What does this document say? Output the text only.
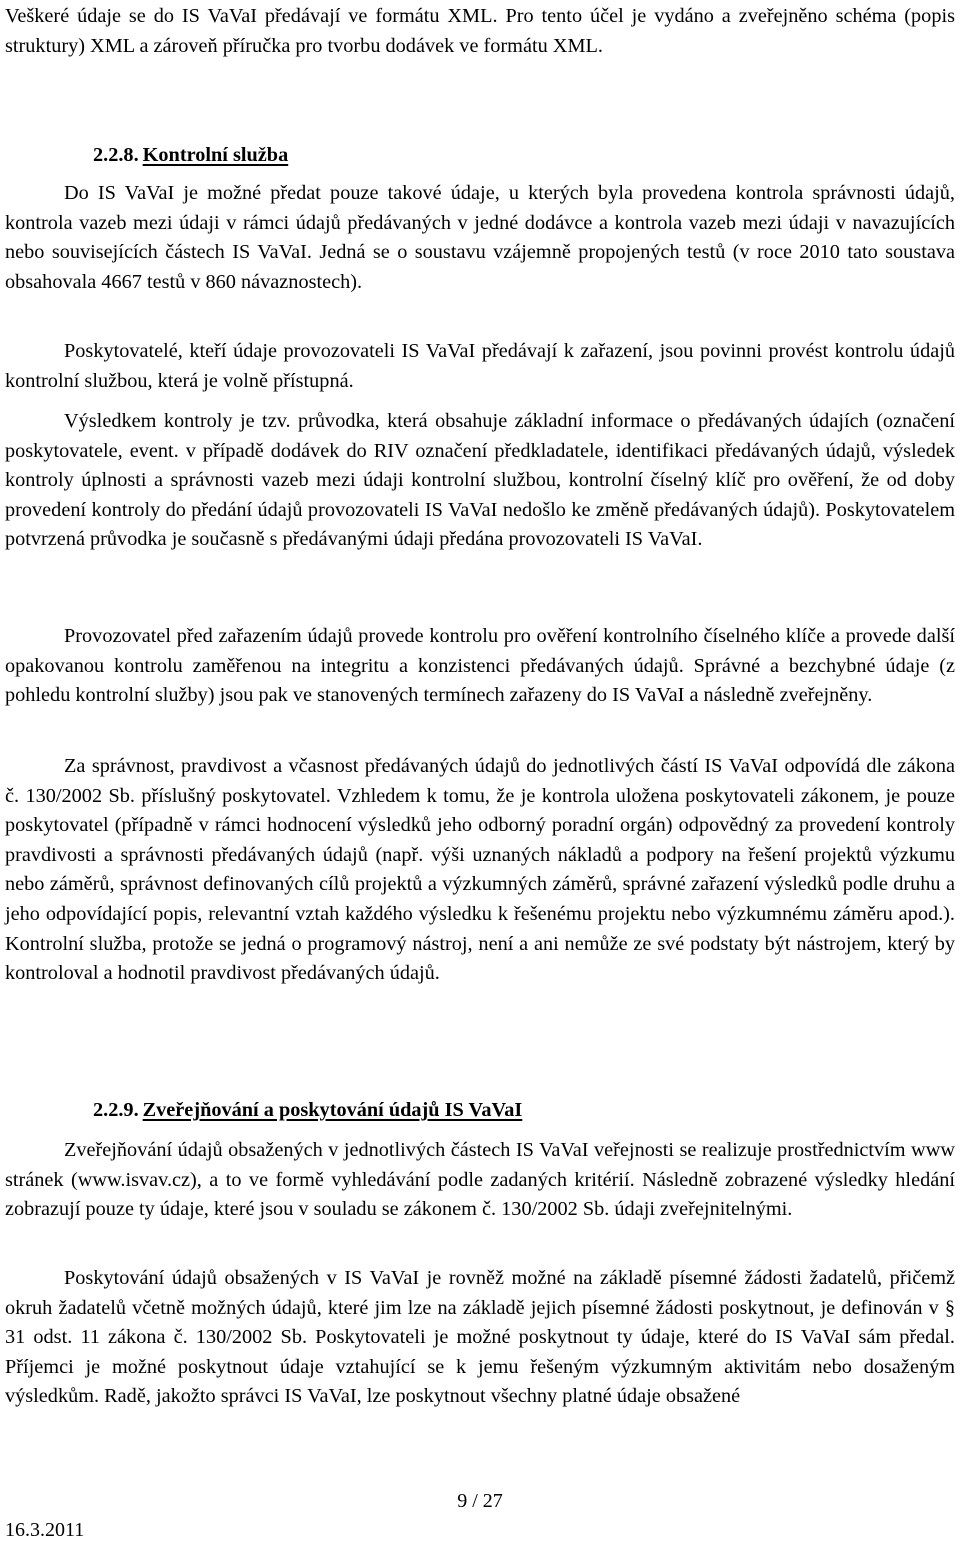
Veškeré údaje se do IS VaVaI předávají ve formátu XML. Pro tento účel je vydáno a zveřejněno schéma (popis struktury) XML a zároveň příručka pro tvorbu dodávek ve formátu XML.

2.2.8. Kontrolní služba

Do IS VaVaI je možné předat pouze takové údaje, u kterých byla provedena kontrola správnosti údajů, kontrola vazeb mezi údaji v rámci údajů předávaných v jedné dodávce a kontrola vazeb mezi údaji v navazujících nebo souvisejících částech IS VaVaI. Jedná se o soustavu vzájemně propojených testů (v roce 2010 tato soustava obsahovala 4667 testů v 860 návaznostech).

Poskytovatelé, kteří údaje provozovateli IS VaVaI předávají k zařazení, jsou povinni provést kontrolu údajů kontrolní službou, která je volně přístupná.

Výsledkem kontroly je tzv. průvodka, která obsahuje základní informace o předávaných údajích (označení poskytovatele, event. v případě dodávek do RIV označení předkladatele, identifikaci předávaných údajů, výsledek kontroly úplnosti a správnosti vazeb mezi údaji kontrolní službou, kontrolní číselný klíč pro ověření, že od doby provedení kontroly do předání údajů provozovateli IS VaVaI nedošlo ke změně předávaných údajů). Poskytovatelem potvrzená průvodka je současně s předávanými údaji předána provozovateli IS VaVaI.

Provozovatel před zařazením údajů provede kontrolu pro ověření kontrolního číselného klíče a provede další opakovanou kontrolu zaměřenou na integritu a konzistenci předávaných údajů. Správné a bezchybné údaje (z pohledu kontrolní služby) jsou pak ve stanovených termínech zařazeny do IS VaVaI a následně zveřejněny.

Za správnost, pravdivost a včasnost předávaných údajů do jednotlivých částí IS VaVaI odpovídá dle zákona č. 130/2002 Sb. příslušný poskytovatel. Vzhledem k tomu, že je kontrola uložena poskytovateli zákonem, je pouze poskytovatel (případně v rámci hodnocení výsledků jeho odborný poradní orgán) odpovědný za provedení kontroly pravdivosti a správnosti předávaných údajů (např. výši uznaných nákladů a podpory na řešení projektů výzkumu nebo záměrů, správnost definovaných cílů projektů a výzkumných záměrů, správné zařazení výsledků podle druhu a jeho odpovídající popis, relevantní vztah každého výsledku k řešenému projektu nebo výzkumnému záměru apod.). Kontrolní služba, protože se jedná o programový nástroj, není a ani nemůže ze své podstaty být nástrojem, který by kontroloval a hodnotil pravdivost předávaných údajů.

2.2.9. Zveřejňování a poskytování údajů IS VaVaI

Zveřejňování údajů obsažených v jednotlivých částech IS VaVaI veřejnosti se realizuje prostřednictvím www stránek (www.isvav.cz), a to ve formě vyhledávání podle zadaných kritérií. Následně zobrazené výsledky hledání zobrazují pouze ty údaje, které jsou v souladu se zákonem č. 130/2002 Sb. údaji zveřejnitelnými.

Poskytování údajů obsažených v IS VaVaI je rovněž možné na základě písemné žádosti žadatelů, přičemž okruh žadatelů včetně možných údajů, které jim lze na základě jejich písemné žádosti poskytnout, je definován v § 31 odst. 11 zákona č. 130/2002 Sb. Poskytovateli je možné poskytnout ty údaje, které do IS VaVaI sám předal. Příjemci je možné poskytnout údaje vztahující se k jemu řešeným výzkumným aktivitám nebo dosaženým výsledkům. Radě, jakožto správci IS VaVaI, lze poskytnout všechny platné údaje obsažené

9 / 27
16.3.2011
